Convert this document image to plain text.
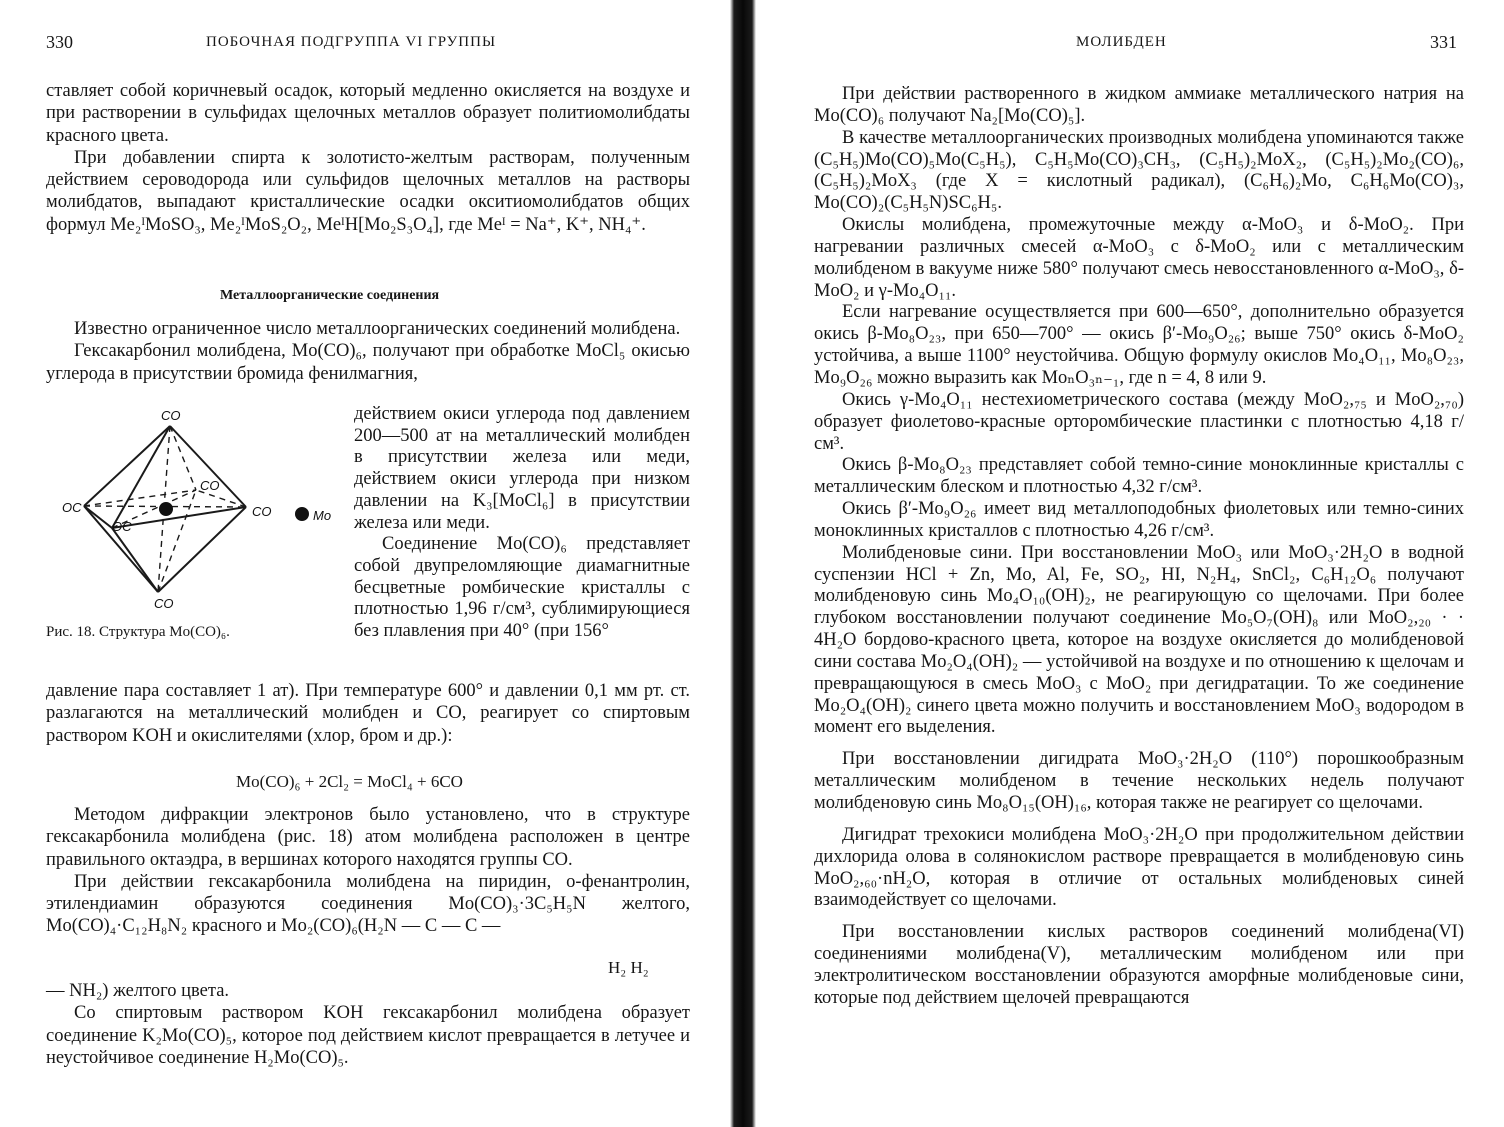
330	ПОБОЧНАЯ ПОДГРУППА VI ГРУППЫ

ставляет собой коричневый осадок, который медленно окисляется на воздухе и при растворении в сульфидах щелочных металлов образует политиомолибдаты красного цвета.

При добавлении спирта к золотисто-желтым растворам, полученным действием сероводорода или сульфидов щелочных металлов на растворы молибдатов, выпадают кристаллические осадки окситиомолибдатов общих формул Me₂ᴵMoSO₃, Me₂ᴵMoS₂O₂, MeᴵH[Mo₂S₃O₄], где Meᴵ = Na⁺, K⁺, NH₄⁺.

Металлоорганические соединения

Известно ограниченное число металлоорганических соединений молибдена.

Гексакарбонил молибдена, Mo(CO)₆, получают при обработке MoCl₅ окисью углерода в присутствии бромида фенилмагния,

CO
OC
OC
CO
CO
CO
Mo
Рис. 18. Структура Mo(CO)₆.

действием окиси углерода под давлением 200—500 ат на металлический молибден в присутствии железа или меди, действием окиси углерода при низком давлении на K₃[MoCl₆] в присутствии железа или меди.

Соединение Mo(CO)₆ представляет собой двупреломляющие диамагнитные бесцветные ромбические кристаллы с плотностью 1,96 г/см³, сублимирующиеся без плавления при 40° (при 156°

давление пара составляет 1 ат). При температуре 600° и давлении 0,1 мм рт. ст. разлагаются на металлический молибден и CO, реагирует со спиртовым раствором KOH и окислителями (хлор, бром и др.):

Mo(CO)₆ + 2Cl₂ = MoCl₄ + 6CO

Методом дифракции электронов было установлено, что в структуре гексакарбонила молибдена (рис. 18) атом молибдена расположен в центре правильного октаэдра, в вершинах которого находятся группы CO.

При действии гексакарбонила молибдена на пиридин, о-фенантролин, этилендиамин образуются соединения Mo(CO)₃·3C₅H₅N желтого, Mo(CO)₄·C₁₂H₈N₂ красного и Mo₂(CO)₆(H₂N — C — C —

H₂ H₂

— NH₂) желтого цвета.

Со спиртовым раствором KOH гексакарбонил молибдена образует соединение K₂Mo(CO)₅, которое под действием кислот превращается в летучее и неустойчивое соединение H₂Mo(CO)₅.

МОЛИБДЕН	331

При действии растворенного в жидком аммиаке металлического натрия на Mo(CO)₆ получают Na₂[Mo(CO)₅].

В качестве металлоорганических производных молибдена упоминаются также (C₅H₅)Mo(CO)₅Mo(C₅H₅), C₅H₅Mo(CO)₃CH₃, (C₅H₅)₂MoX₂, (C₅H₅)₂Mo₂(CO)₆, (C₅H₅)₂MoX₃ (где X = кислотный радикал), (C₆H₆)₂Mo, C₆H₆Mo(CO)₃, Mo(CO)₂(C₅H₅N)SC₆H₅.

Окислы молибдена, промежуточные между α-MoO₃ и δ-MoO₂. При нагревании различных смесей α-MoO₃ с δ-MoO₂ или с металлическим молибденом в вакууме ниже 580° получают смесь невосстановленного α-MoO₃, δ-MoO₂ и γ-Mo₄O₁₁.

Если нагревание осуществляется при 600—650°, дополнительно образуется окись β-Mo₈O₂₃, при 650—700° — окись β′-Mo₉O₂₆; выше 750° окись δ-MoO₂ устойчива, а выше 1100° неустойчива. Общую формулу окислов Mo₄O₁₁, Mo₈O₂₃, Mo₉O₂₆ можно выразить как MoₙO₃ₙ₋₁, где n = 4, 8 или 9.

Окись γ-Mo₄O₁₁ нестехиометрического состава (между MoO₂,₇₅ и MoO₂,₇₀) образует фиолетово-красные орторомбические пластинки с плотностью 4,18 г/см³.

Окись β-Mo₈O₂₃ представляет собой темно-синие моноклинные кристаллы с металлическим блеском и плотностью 4,32 г/см³.

Окись β′-Mo₉O₂₆ имеет вид металлоподобных фиолетовых или темно-синих моноклинных кристаллов с плотностью 4,26 г/см³.

Молибденовые сини. При восстановлении MoO₃ или MoO₃·2H₂O в водной суспензии HCl + Zn, Mo, Al, Fe, SO₂, HI, N₂H₄, SnCl₂, C₆H₁₂O₆ получают молибденовую синь Mo₄O₁₀(OH)₂, не реагирующую со щелочами. При более глубоком восстановлении получают соединение Mo₅O₇(OH)₈ или MoO₂,₂₀ · · 4H₂O бордово-красного цвета, которое на воздухе окисляется до молибденовой сини состава Mo₂O₄(OH)₂ — устойчивой на воздухе и по отношению к щелочам и превращающуюся в смесь MoO₃ с MoO₂ при дегидратации. То же соединение Mo₂O₄(OH)₂ синего цвета можно получить и восстановлением MoO₃ водородом в момент его выделения.

При восстановлении дигидрата MoO₃·2H₂O (110°) порошкообразным металлическим молибденом в течение нескольких недель получают молибденовую синь Mo₈O₁₅(OH)₁₆, которая также не реагирует со щелочами.

Дигидрат трехокиси молибдена MoO₃·2H₂O при продолжительном действии дихлорида олова в солянокислом растворе превращается в молибденовую синь MoO₂,₆₀·nH₂O, которая в отличие от остальных молибденовых синей взаимодействует со щелочами.

При восстановлении кислых растворов соединений молибдена(VI) соединениями молибдена(V), металлическим молибденом или при электролитическом восстановлении образуются аморфные молибденовые сини, которые под действием щелочей превращаются
